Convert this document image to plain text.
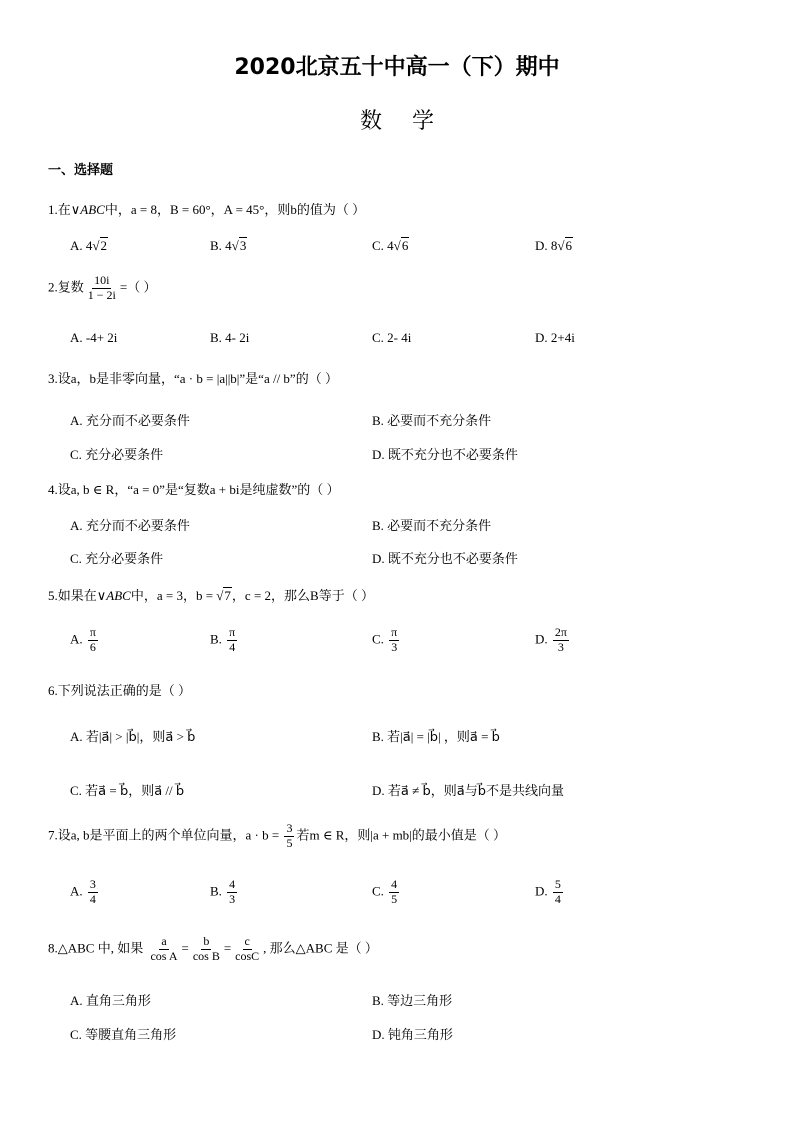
2020北京五十中高一（下）期中
数学
一、选择题
1.在∨ABC中，a = 8，B = 60°，A = 45°，则b的值为（ ）
A. 4√2	B. 4√3	C. 4√6	D. 8√6
2.复数 $\frac{10i}{1 - 2i}$ =（ ）
A. -4+ 2i	B. 4- 2i	C. 2- 4i	D. 2+4i
3.设a，b是非零向量，“a · b = |a||b|”是“a // b”的（ ）
A. 充分而不必要条件	B. 必要而不充分条件
C. 充分必要条件	D. 既不充分也不必要条件
4.设a, b ∈ R，“a = 0”是“复数a + bi是纯虚数”的（ ）
A. 充分而不必要条件	B. 必要而不充分条件
C. 充分必要条件	D. 既不充分也不必要条件
5.如果在∨ABC中，a = 3，b = √7，c = 2，那么B等于（ ）
A. $\frac{\pi}{6}$	B. $\frac{\pi}{4}$	C. $\frac{\pi}{3}$	D. $\frac{2\pi}{3}$
6.下列说法正确的是（ ）
A. 若|a⃗| > |b⃗|，则a⃗ > b⃗	B. 若|a⃗| = |b⃗| ，则a⃗ = b⃗
C. 若a⃗ = b⃗，则a⃗ // b⃗	D. 若a⃗ ≠ b⃗，则a⃗与b⃗不是共线向量
7.设a, b是平面上的两个单位向量，$a \cdot b = \frac{3}{5}$ 若m ∈ R，则|a + mb|的最小值是（ ）
A. $\frac{3}{4}$	B. $\frac{4}{3}$	C. $\frac{4}{5}$	D. $\frac{5}{4}$
8.△ABC 中, 如果 $\frac{a}{\text{cos A}} = \frac{b}{\text{cos B}} = \frac{c}{\cos C}$ , 那么△ABC 是（ ）
A. 直角三角形	B. 等边三角形
C. 等腰直角三角形	D. 钝角三角形
